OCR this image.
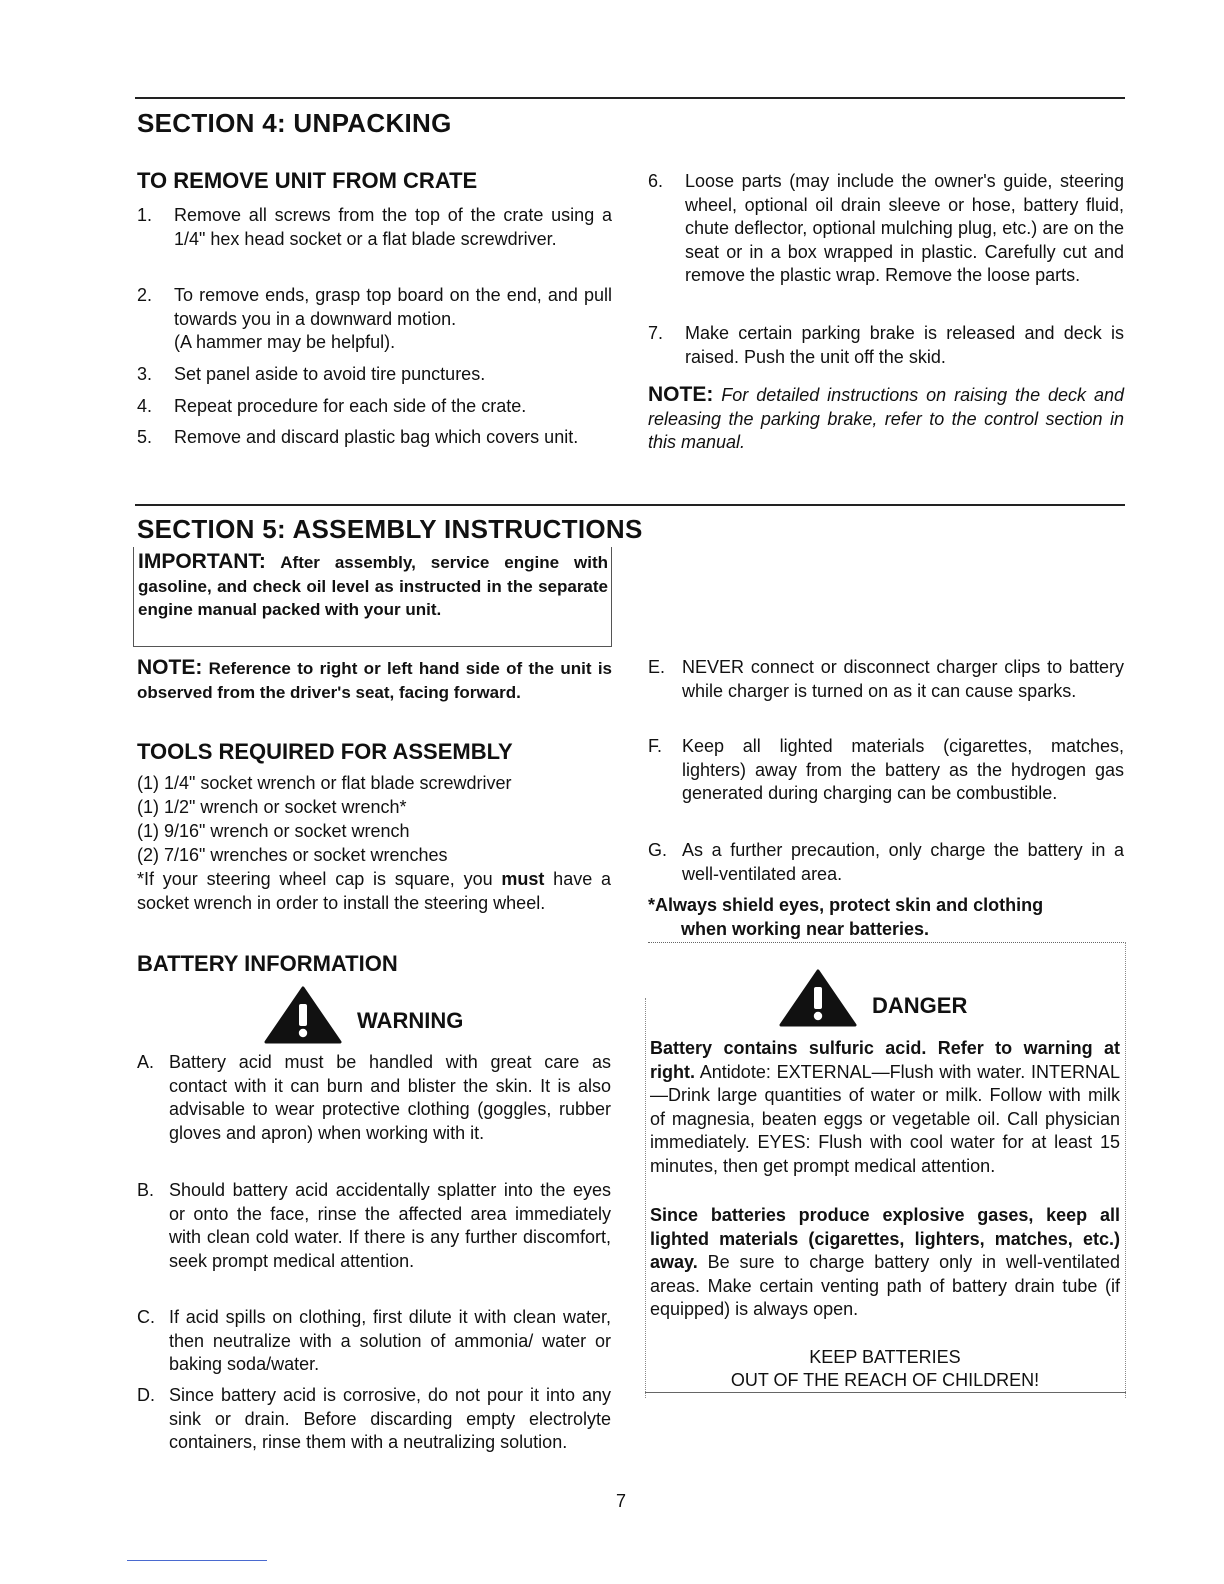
SECTION 4: UNPACKING
TO REMOVE UNIT FROM CRATE
1. Remove all screws from the top of the crate using a 1/4" hex head socket or a flat blade screwdriver.
2. To remove ends, grasp top board on the end, and pull towards you in a downward motion.
(A hammer may be helpful).
3. Set panel aside to avoid tire punctures.
4. Repeat procedure for each side of the crate.
5. Remove and discard plastic bag which covers unit.
6. Loose parts (may include the owner's guide, steering wheel, optional oil drain sleeve or hose, battery fluid, chute deflector, optional mulching plug, etc.) are on the seat or in a box wrapped in plastic. Carefully cut and remove the plastic wrap. Remove the loose parts.
7. Make certain parking brake is released and deck is raised. Push the unit off the skid.
NOTE: For detailed instructions on raising the deck and releasing the parking brake, refer to the control section in this manual.
SECTION 5: ASSEMBLY INSTRUCTIONS
IMPORTANT: After assembly, service engine with gasoline, and check oil level as instructed in the separate engine manual packed with your unit.
NOTE: Reference to right or left hand side of the unit is observed from the driver's seat, facing forward.
TOOLS REQUIRED FOR ASSEMBLY
(1) 1/4" socket wrench or flat blade screwdriver
(1) 1/2" wrench or socket wrench*
(1) 9/16" wrench or socket wrench
(2) 7/16" wrenches or socket wrenches
*If your steering wheel cap is square, you must have a socket wrench in order to install the steering wheel.
BATTERY INFORMATION
WARNING
A. Battery acid must be handled with great care as contact with it can burn and blister the skin. It is also advisable to wear protective clothing (goggles, rubber gloves and apron) when working with it.
B. Should battery acid accidentally splatter into the eyes or onto the face, rinse the affected area immediately with clean cold water. If there is any further discomfort, seek prompt medical attention.
C. If acid spills on clothing, first dilute it with clean water, then neutralize with a solution of ammonia/ water or baking soda/water.
D. Since battery acid is corrosive, do not pour it into any sink or drain. Before discarding empty electrolyte containers, rinse them with a neutralizing solution.
E. NEVER connect or disconnect charger clips to battery while charger is turned on as it can cause sparks.
F. Keep all lighted materials (cigarettes, matches, lighters) away from the battery as the hydrogen gas generated during charging can be combustible.
G. As a further precaution, only charge the battery in a well-ventilated area.
*Always shield eyes, protect skin and clothing
when working near batteries.
DANGER
Battery contains sulfuric acid. Refer to warning at right. Antidote: EXTERNAL—Flush with water. INTERNAL—Drink large quantities of water or milk. Follow with milk of magnesia, beaten eggs or vegetable oil. Call physician immediately. EYES: Flush with cool water for at least 15 minutes, then get prompt medical attention.
Since batteries produce explosive gases, keep all lighted materials (cigarettes, lighters, matches, etc.) away. Be sure to charge battery only in well-ventilated areas. Make certain venting path of battery drain tube (if equipped) is always open.
KEEP BATTERIES
OUT OF THE REACH OF CHILDREN!
7
